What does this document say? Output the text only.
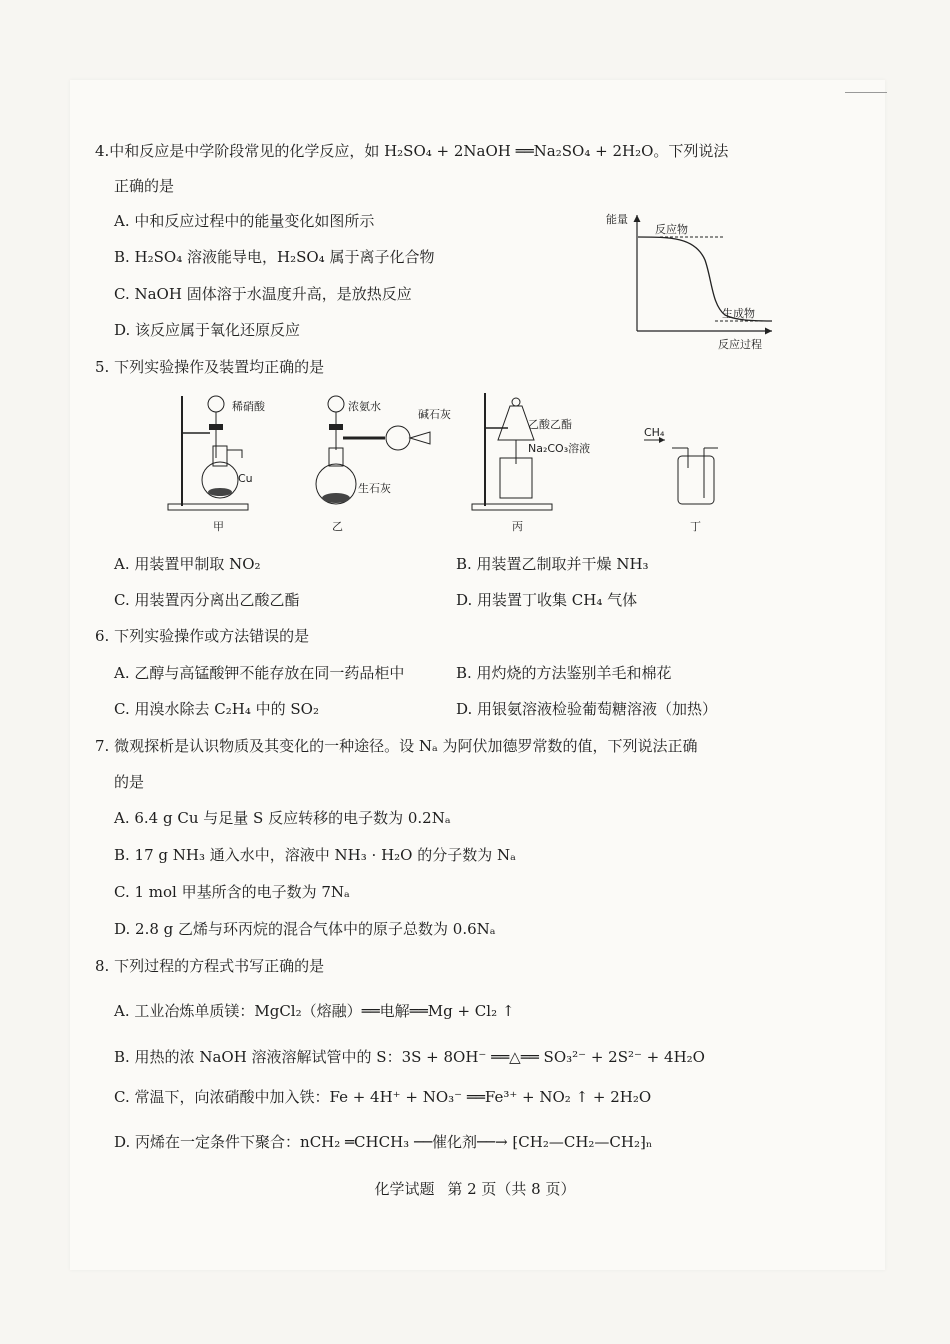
4.中和反应是中学阶段常见的化学反应，如 H₂SO₄ + 2NaOH ══Na₂SO₄ + 2H₂O。下列说法
正确的是
A. 中和反应过程中的能量变化如图所示
B. H₂SO₄ 溶液能导电，H₂SO₄ 属于离子化合物
C. NaOH 固体溶于水温度升高，是放热反应
D. 该反应属于氧化还原反应
能量
反应物
生成物
反应过程
5. 下列实验操作及装置均正确的是
稀硝酸
Cu
甲
浓氨水
碱石灰
生石灰
乙
乙酸乙酯
Na₂CO₃溶液
丙
CH₄
丁
A. 用装置甲制取 NO₂	B. 用装置乙制取并干燥 NH₃
C. 用装置丙分离出乙酸乙酯	D. 用装置丁收集 CH₄ 气体
6. 下列实验操作或方法错误的是
A. 乙醇与高锰酸钾不能存放在同一药品柜中	B. 用灼烧的方法鉴别羊毛和棉花
C. 用溴水除去 C₂H₄ 中的 SO₂	D. 用银氨溶液检验葡萄糖溶液（加热）
7. 微观探析是认识物质及其变化的一种途径。设 Nₐ 为阿伏加德罗常数的值，下列说法正确
的是
A. 6.4 g Cu 与足量 S 反应转移的电子数为 0.2Nₐ
B. 17 g NH₃ 通入水中，溶液中 NH₃ · H₂O 的分子数为 Nₐ
C. 1 mol 甲基所含的电子数为 7Nₐ
D. 2.8 g 乙烯与环丙烷的混合气体中的原子总数为 0.6Nₐ
8. 下列过程的方程式书写正确的是
A. 工业冶炼单质镁：MgCl₂（熔融）══电解══Mg + Cl₂ ↑
B. 用热的浓 NaOH 溶液溶解试管中的 S：3S + 8OH⁻ ══△══ SO₃²⁻ + 2S²⁻ + 4H₂O
C. 常温下，向浓硝酸中加入铁：Fe + 4H⁺ + NO₃⁻ ══Fe³⁺ + NO₂ ↑ + 2H₂O
D. 丙烯在一定条件下聚合：nCH₂ ═CHCH₃ ──催化剂──→ ⁅CH₂—CH₂—CH₂⁆ₙ
化学试题 第 2 页（共 8 页）
